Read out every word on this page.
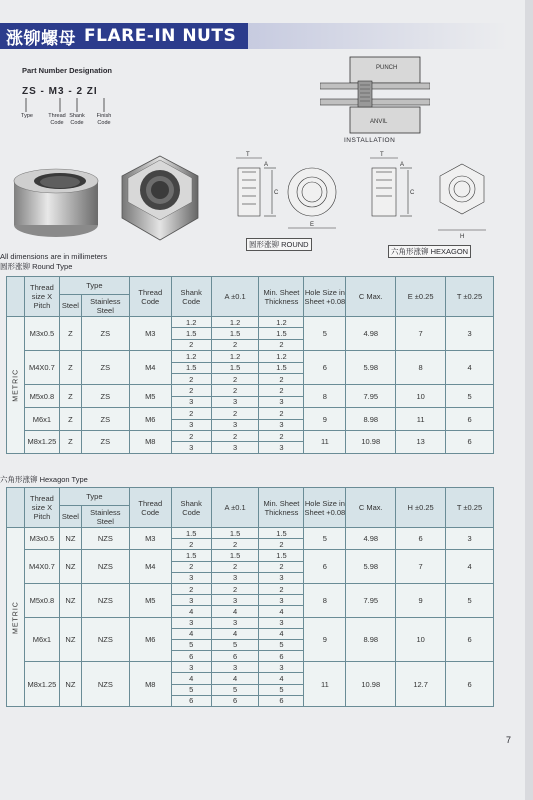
涨铆螺母 FLARE-IN NUTS
Part Number Designation
ZS - M3 - 2 ZI
Type	Thread Code
Shank Code
Finish Code
PUNCH
ANVIL
INSTALLATION
T
A
C
E
T
A
C
H
圆形涨铆 ROUND
六角形涨铆 HEXAGON
All dimensions are in millimeters
圆形涨铆 Round Type
	Thread size X Pitch	Type		Thread Code	Shank Code	A ±0.1	Min. Sheet Thickness	Hole Size in Sheet +0.08	C Max.	E ±0.25	T ±0.25
		Steel	Stainless Steel								
METRIC	M3x0.5	Z	ZS	M3	1.2	1.2	1.2	5	4.98	7	3
					1.5	1.5	1.5				
					2	2	2				
	M4X0.7	Z	ZS	M4	1.2	1.2	1.2	6	5.98	8	4
					1.5	1.5	1.5				
					2	2	2				
	M5x0.8	Z	ZS	M5	2	2	2	8	7.95	10	5
					3	3	3				
	M6x1	Z	ZS	M6	2	2	2	9	8.98	11	6
					3	3	3				
	M8x1.25	Z	ZS	M8	2	2	2	11	10.98	13	6
					3	3	3				
六角形涨铆 Hexagon Type
	Thread size X Pitch	Type		Thread Code	Shank Code	A ±0.1	Min. Sheet Thickness	Hole Size in Sheet +0.08	C Max.	H ±0.25	T ±0.25
		Steel	Stainless Steel								
METRIC	M3x0.5	NZ	NZS	M3	1.5	1.5	1.5	5	4.98	6	3
					2	2	2				
	M4X0.7	NZ	NZS	M4	1.5	1.5	1.5	6	5.98	7	4
					2	2	2				
					3	3	3				
	M5x0.8	NZ	NZS	M5	2	2	2	8	7.95	9	5
					3	3	3				
					4	4	4				
	M6x1	NZ	NZS	M6	3	3	3	9	8.98	10	6
					4	4	4				
					5	5	5				
					6	6	6				
	M8x1.25	NZ	NZS	M8	3	3	3	11	10.98	12.7	6
					4	4	4				
					5	5	5				
					6	6	6				
7
